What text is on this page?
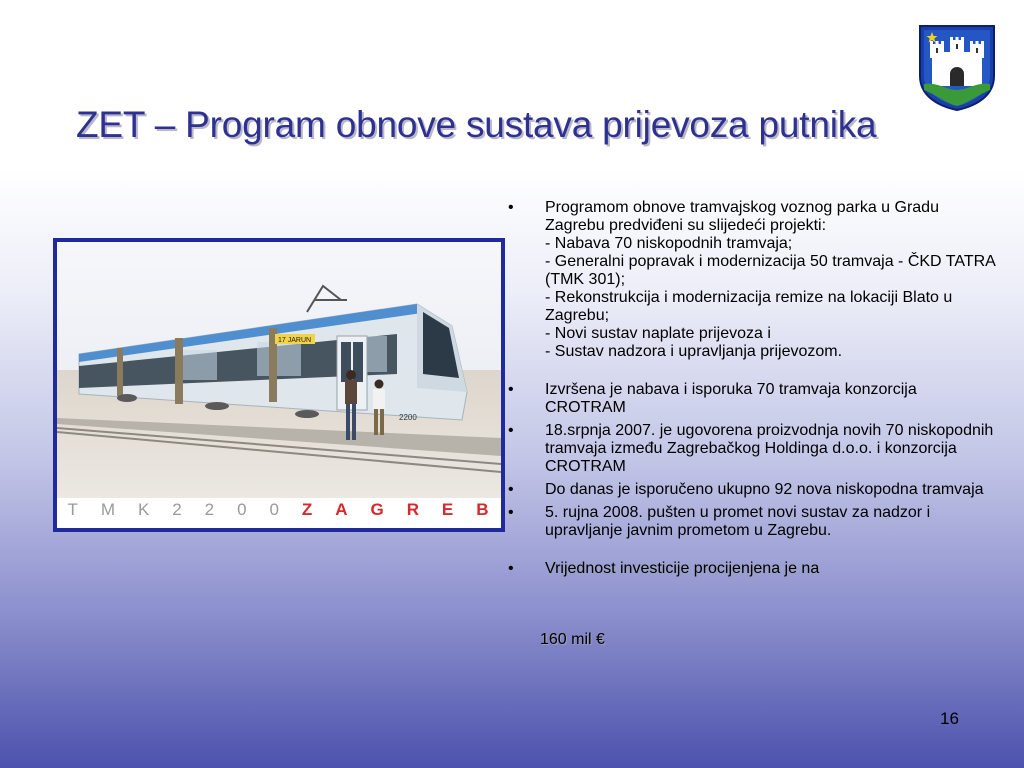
ZET – Program obnove sustava prijevoza putnika
17 JARUN
2200
T M K 2 2 0 0 Z A G R E B
• Programom obnove tramvajskog voznog parka u Gradu Zagrebu predviđeni su slijedeći projekti:
- Nabava 70 niskopodnih tramvaja;
- Generalni popravak i modernizacija 50 tramvaja - ČKD TATRA (TMK 301);
- Rekonstrukcija i modernizacija remize na lokaciji Blato u Zagrebu;
- Novi sustav naplate prijevoza i
- Sustav nadzora i upravljanja prijevozom.
• Izvršena je nabava i isporuka 70 tramvaja konzorcija CROTRAM
• 18.srpnja 2007. je ugovorena proizvodnja novih 70 niskopodnih tramvaja između Zagrebačkog Holdinga d.o.o. i konzorcija CROTRAM
• Do danas je isporučeno ukupno 92 nova niskopodna tramvaja
• 5. rujna 2008. pušten u promet novi sustav za nadzor i upravljanje javnim prometom u Zagrebu.
• Vrijednost investicije procijenjena je na
160 mil €
16
